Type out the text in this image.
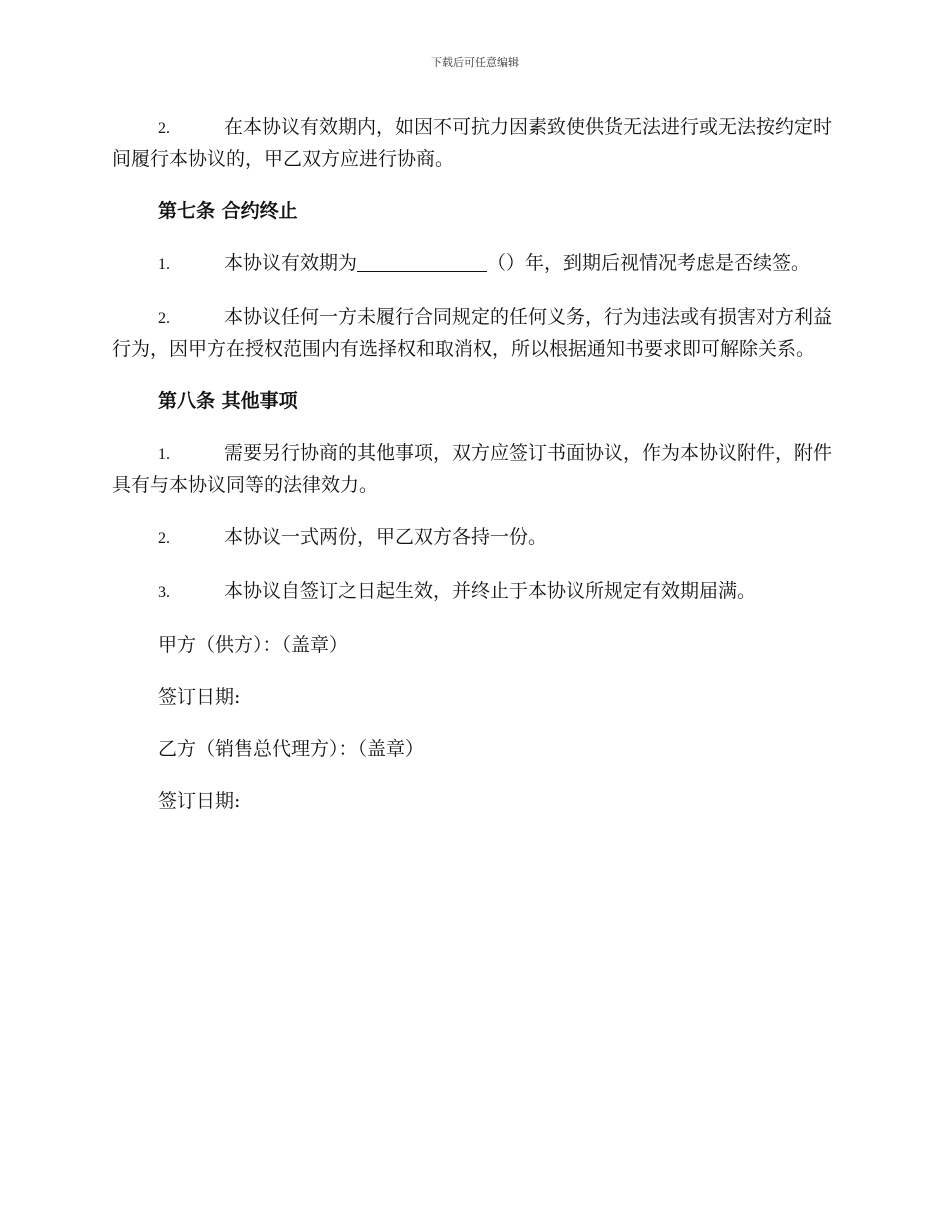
下载后可任意编辑

2.	在本协议有效期内，如因不可抗力因素致使供货无法进行或无法按约定时间履行本协议的，甲乙双方应进行协商。

第七条 合约终止

1.	本协议有效期为	（）年，到期后视情况考虑是否续签。

2.	本协议任何一方未履行合同规定的任何义务，行为违法或有损害对方利益行为，因甲方在授权范围内有选择权和取消权，所以根据通知书要求即可解除关系。

第八条 其他事项

1.	需要另行协商的其他事项，双方应签订书面协议，作为本协议附件，附件具有与本协议同等的法律效力。

2.	本协议一式两份，甲乙双方各持一份。

3.	本协议自签订之日起生效，并终止于本协议所规定有效期届满。

甲方（供方）：（盖章）
签订日期:
乙方（销售总代理方）：（盖章）
签订日期:
